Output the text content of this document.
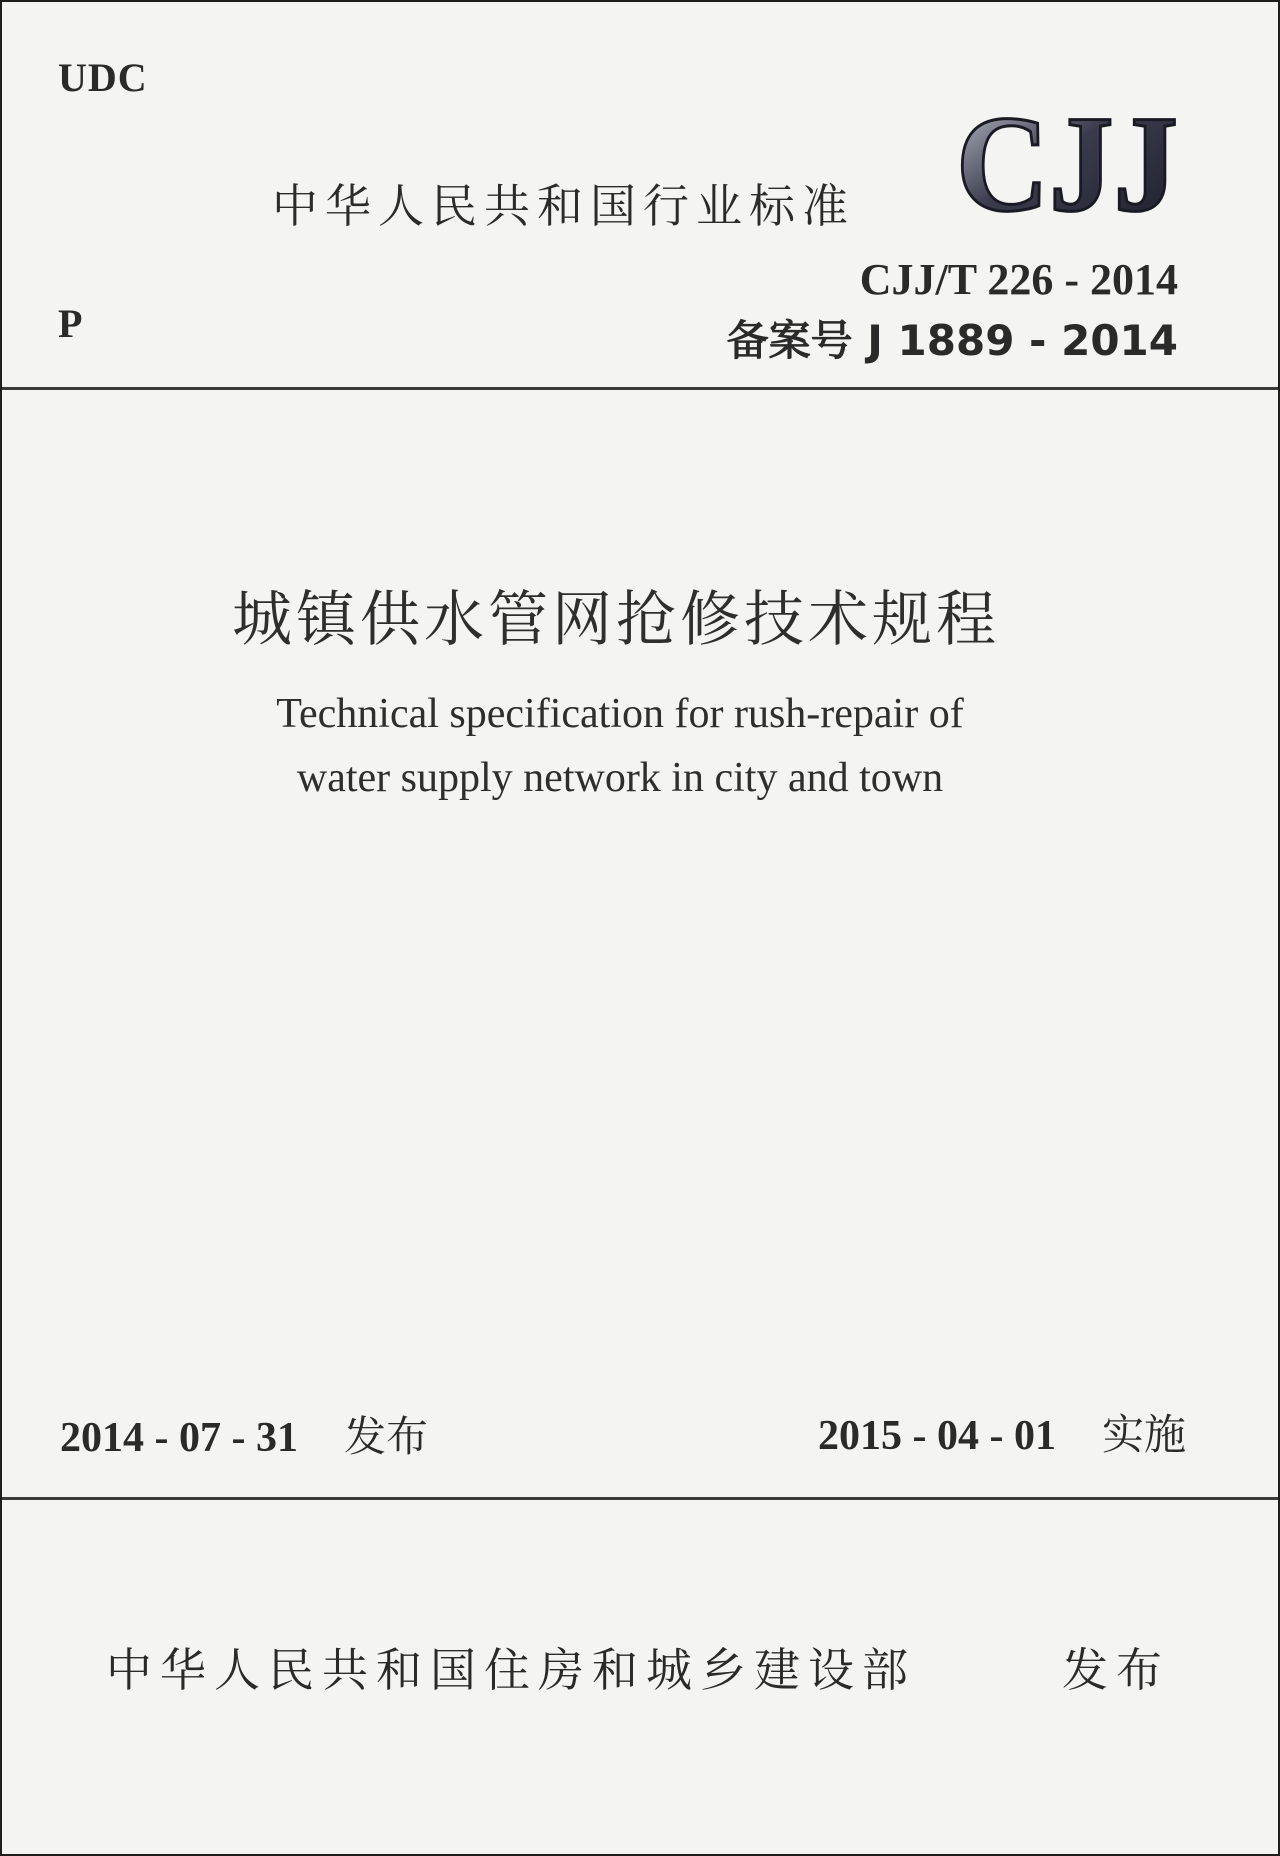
UDC
中华人民共和国行业标准 CJJ
CJJ/T 226 - 2014
P	备案号 J 1889 - 2014
城镇供水管网抢修技术规程
Technical specification for rush-repair of
water supply network in city and town
2014 - 07 - 31 发布	2015 - 04 - 01 实施
中华人民共和国住房和城乡建设部	发布
